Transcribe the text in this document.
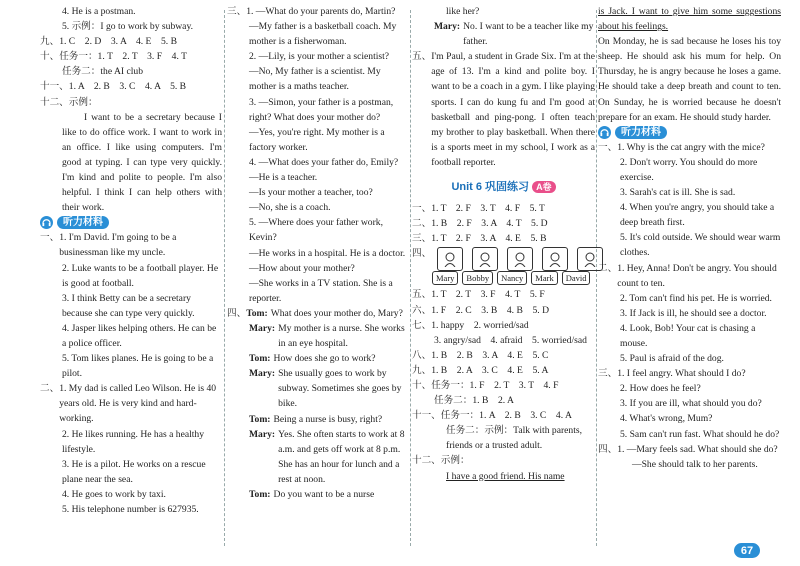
4. He is a postman.
5. 示例：I go to work by subway.
九、 1. C　2. D　3. A　4. E　5. B
十、 任务一：1. T　2. T　3. F　4. T
任务二：the AI club
十一、 1. A　2. B　3. C　4. A　5. B
十二、 示例：
I want to be a secretary because I like to do office work. I want to work in an office. I like using computers. I'm good at typing. I can type very quickly. I'm kind and polite to people. I'm also helpful. I think I can help others with their work.
听力材料
一、 1. I'm David. I'm going to be a businessman like my uncle.
2. Luke wants to be a football player. He is good at football.
3. I think Betty can be a secretary because she can type very quickly.
4. Jasper likes helping others. He can be a police officer.
5. Tom likes planes. He is going to be a pilot.
二、 1. My dad is called Leo Wilson. He is 40 years old. He is very kind and hard-working.
2. He likes running. He has a healthy lifestyle.
3. He is a pilot. He works on a rescue plane near the sea.
4. He goes to work by taxi.
5. His telephone number is 627935.
三、 1. —What do your parents do, Martin?
—My father is a basketball coach. My mother is a fisherwoman.
2. —Lily, is your mother a scientist?
—No, My father is a scientist. My mother is a maths teacher.
3. —Simon, your father is a postman, right? What does your mother do?
—Yes, you're right. My mother is a factory worker.
4. —What does your father do, Emily?
—He is a teacher.
—Is your mother a teacher, too?
—No, she is a coach.
5. —Where does your father work, Kevin?
—He works in a hospital. He is a doctor.
—How about your mother?
—She works in a TV station. She is a reporter.
四、 Tom: What does your mother do, Mary?
Mary: My mother is a nurse. She works in an eye hospital.
Tom: How does she go to work?
Mary: She usually goes to work by subway. Sometimes she goes by bike.
Tom: Being a nurse is busy, right?
Mary: Yes. She often starts to work at 8 a.m. and gets off work at 8 p.m. She has an hour for lunch and a rest at noon.
Tom: Do you want to be a nurse
like her?
Mary: No. I want to be a teacher like my father.
五、 I'm Paul, a student in Grade Six. I'm at the age of 13. I'm a kind and polite boy. I want to be a coach in a gym. I like playing sports. I can do kung fu and I'm good at basketball and ping-pong. I often teach my brother to play basketball. When there is a sports meet in my school, I work as a football reporter.
Unit 6 巩固练习 A卷
一、 1. T　2. F　3. T　4. F　5. T
二、 1. B　2. F　3. A　4. T　5. D
三、 1. T　2. F　3. A　4. E　5. B
四、
Mary	Bobby	Nancy	Mark	David
五、 1. T　2. T　3. F　4. T　5. F
六、 1. F　2. C　3. B　4. B　5. D
七、 1. happy　2. worried/sad
3. angry/sad　4. afraid　5. worried/sad
八、 1. B　2. B　3. A　4. E　5. C
九、 1. B　2. A　3. C　4. E　5. A
十、 任务一：1. F　2. T　3. T　4. F
任务二：1. B　2. A
十一、 任务一：1. A　2. B　3. C　4. A
任务二：示例：Talk with parents, friends or a trusted adult.
十二、 示例：
I have a good friend. His name
is Jack. I want to give him some suggestions about his feelings.
On Monday, he is sad because he loses his toy sheep. He should ask his mum for help. On Thursday, he is angry because he loses a game. He should take a deep breath and count to ten. On Sunday, he is worried because he doesn't prepare for an exam. He should study harder.
听力材料
一、 1. Why is the cat angry with the mice?
2. Don't worry. You should do more exercise.
3. Sarah's cat is ill. She is sad.
4. When you're angry, you should take a deep breath first.
5. It's cold outside. We should wear warm clothes.
二、 1. Hey, Anna! Don't be angry. You should count to ten.
2. Tom can't find his pet. He is worried.
3. If Jack is ill, he should see a doctor.
4. Look, Bob! Your cat is chasing a mouse.
5. Paul is afraid of the dog.
三、 1. I feel angry. What should I do?
2. How does he feel?
3. If you are ill, what should you do?
4. What's wrong, Mum?
5. Sam can't run fast. What should he do?
四、 1. —Mary feels sad. What should she do?
—She should talk to her parents.
67
